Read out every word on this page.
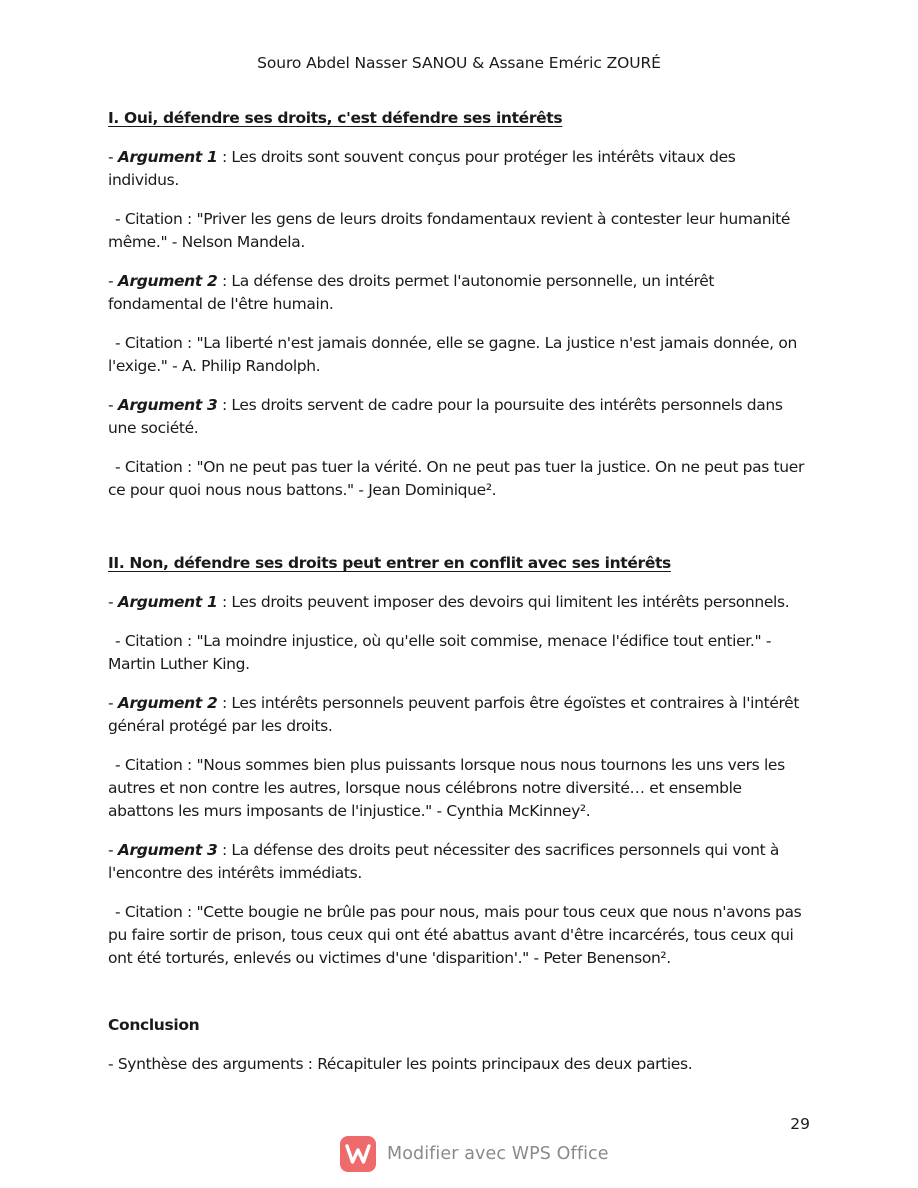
Souro Abdel Nasser SANOU & Assane Eméric ZOURÉ

I. Oui, défendre ses droits, c'est défendre ses intérêts

- Argument 1 : Les droits sont souvent conçus pour protéger les intérêts vitaux des individus.

- Citation : "Priver les gens de leurs droits fondamentaux revient à contester leur humanité même." - Nelson Mandela.

- Argument 2 : La défense des droits permet l'autonomie personnelle, un intérêt fondamental de l'être humain.

- Citation : "La liberté n'est jamais donnée, elle se gagne. La justice n'est jamais donnée, on l'exige." - A. Philip Randolph.

- Argument 3 : Les droits servent de cadre pour la poursuite des intérêts personnels dans une société.

- Citation : "On ne peut pas tuer la vérité. On ne peut pas tuer la justice. On ne peut pas tuer ce pour quoi nous nous battons." - Jean Dominique².

II. Non, défendre ses droits peut entrer en conflit avec ses intérêts

- Argument 1 : Les droits peuvent imposer des devoirs qui limitent les intérêts personnels.

- Citation : "La moindre injustice, où qu'elle soit commise, menace l'édifice tout entier." - Martin Luther King.

- Argument 2 : Les intérêts personnels peuvent parfois être égoïstes et contraires à l'intérêt général protégé par les droits.

- Citation : "Nous sommes bien plus puissants lorsque nous nous tournons les uns vers les autres et non contre les autres, lorsque nous célébrons notre diversité… et ensemble abattons les murs imposants de l'injustice." - Cynthia McKinney².

- Argument 3 : La défense des droits peut nécessiter des sacrifices personnels qui vont à l'encontre des intérêts immédiats.

- Citation : "Cette bougie ne brûle pas pour nous, mais pour tous ceux que nous n'avons pas pu faire sortir de prison, tous ceux qui ont été abattus avant d'être incarcérés, tous ceux qui ont été torturés, enlevés ou victimes d'une 'disparition'." - Peter Benenson².

Conclusion

- Synthèse des arguments : Récapituler les points principaux des deux parties.

29
Modifier avec WPS Office
